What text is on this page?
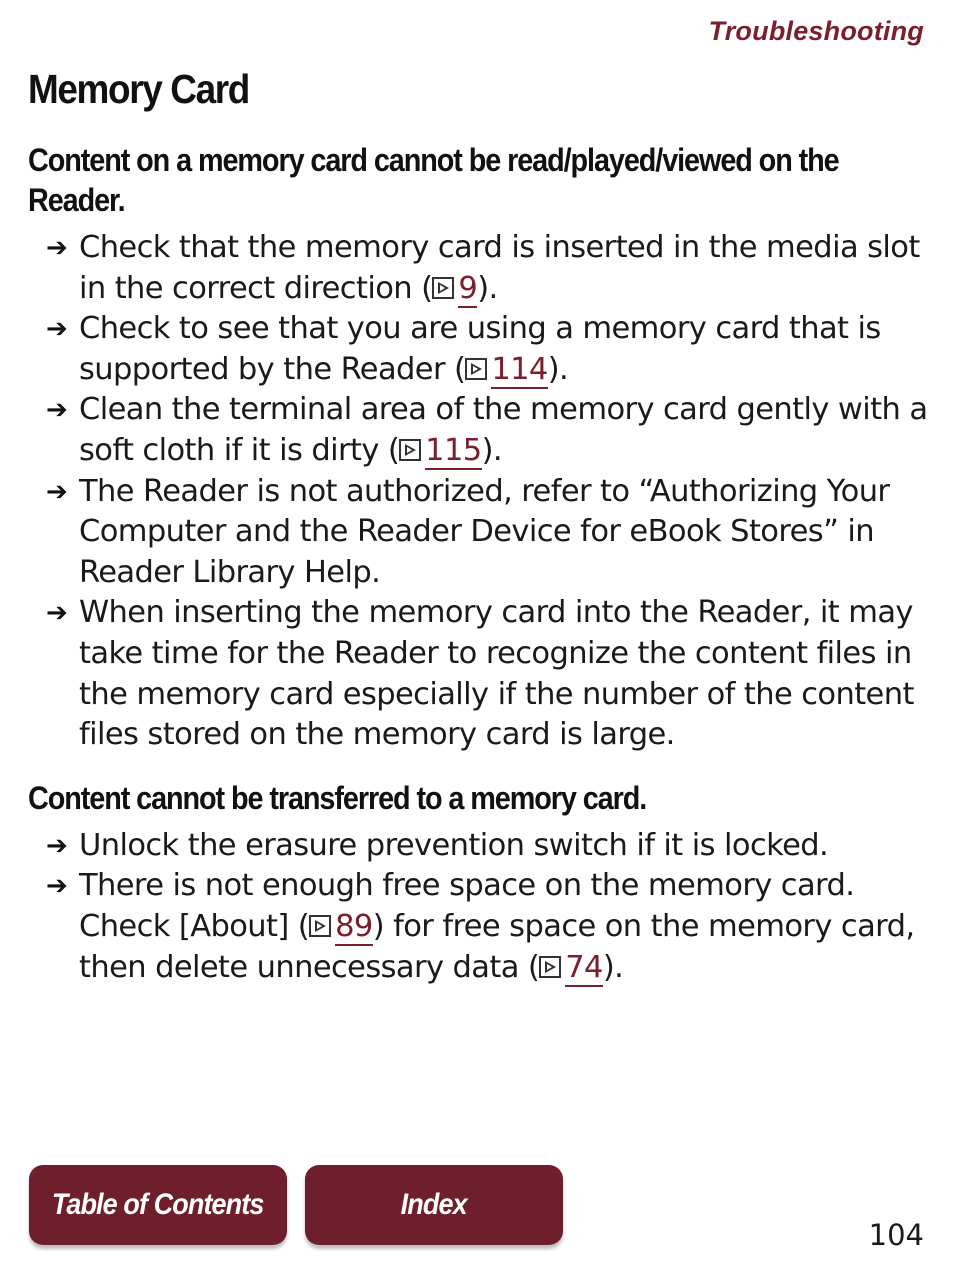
Troubleshooting
Memory Card
Content on a memory card cannot be read/played/viewed on the Reader.
➔ Check that the memory card is inserted in the media slot in the correct direction ( 9).
➔ Check to see that you are using a memory card that is supported by the Reader ( 114).
➔ Clean the terminal area of the memory card gently with a soft cloth if it is dirty ( 115).
➔ The Reader is not authorized, refer to “Authorizing Your Computer and the Reader Device for eBook Stores” in Reader Library Help.
➔ When inserting the memory card into the Reader, it may take time for the Reader to recognize the content files in the memory card especially if the number of the content files stored on the memory card is large.
Content cannot be transferred to a memory card.
➔ Unlock the erasure prevention switch if it is locked.
➔ There is not enough free space on the memory card. Check [About] ( 89) for free space on the memory card, then delete unnecessary data ( 74).
Table of Contents	Index
104
